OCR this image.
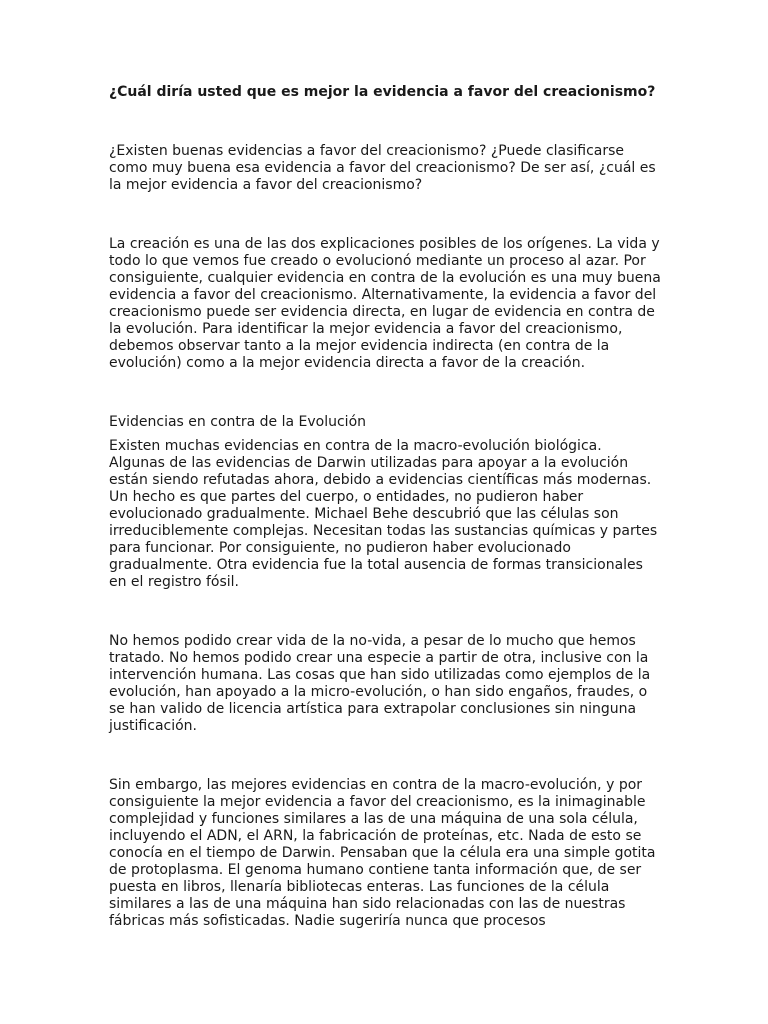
¿Cuál diría usted que es mejor la evidencia a favor del creacionismo?

¿Existen buenas evidencias a favor del creacionismo? ¿Puede clasificarse como muy buena esa evidencia a favor del creacionismo? De ser así, ¿cuál es la mejor evidencia a favor del creacionismo?

La creación es una de las dos explicaciones posibles de los orígenes. La vida y todo lo que vemos fue creado o evolucionó mediante un proceso al azar. Por consiguiente, cualquier evidencia en contra de la evolución es una muy buena evidencia a favor del creacionismo. Alternativamente, la evidencia a favor del creacionismo puede ser evidencia directa, en lugar de evidencia en contra de la evolución. Para identificar la mejor evidencia a favor del creacionismo, debemos observar tanto a la mejor evidencia indirecta (en contra de la evolución) como a la mejor evidencia directa a favor de la creación.

Evidencias en contra de la Evolución

Existen muchas evidencias en contra de la macro-evolución biológica. Algunas de las evidencias de Darwin utilizadas para apoyar a la evolución están siendo refutadas ahora, debido a evidencias científicas más modernas. Un hecho es que partes del cuerpo, o entidades, no pudieron haber evolucionado gradualmente. Michael Behe descubrió que las células son irreduciblemente complejas. Necesitan todas las sustancias químicas y partes para funcionar. Por consiguiente, no pudieron haber evolucionado gradualmente. Otra evidencia fue la total ausencia de formas transicionales en el registro fósil.

No hemos podido crear vida de la no-vida, a pesar de lo mucho que hemos tratado. No hemos podido crear una especie a partir de otra, inclusive con la intervención humana. Las cosas que han sido utilizadas como ejemplos de la evolución, han apoyado a la micro-evolución, o han sido engaños, fraudes, o se han valido de licencia artística para extrapolar conclusiones sin ninguna justificación.

Sin embargo, las mejores evidencias en contra de la macro-evolución, y por consiguiente la mejor evidencia a favor del creacionismo, es la inimaginable complejidad y funciones similares a las de una máquina de una sola célula, incluyendo el ADN, el ARN, la fabricación de proteínas, etc. Nada de esto se conocía en el tiempo de Darwin. Pensaban que la célula era una simple gotita de protoplasma. El genoma humano contiene tanta información que, de ser puesta en libros, llenaría bibliotecas enteras. Las funciones de la célula similares a las de una máquina han sido relacionadas con las de nuestras fábricas más sofisticadas. Nadie sugeriría nunca que procesos
